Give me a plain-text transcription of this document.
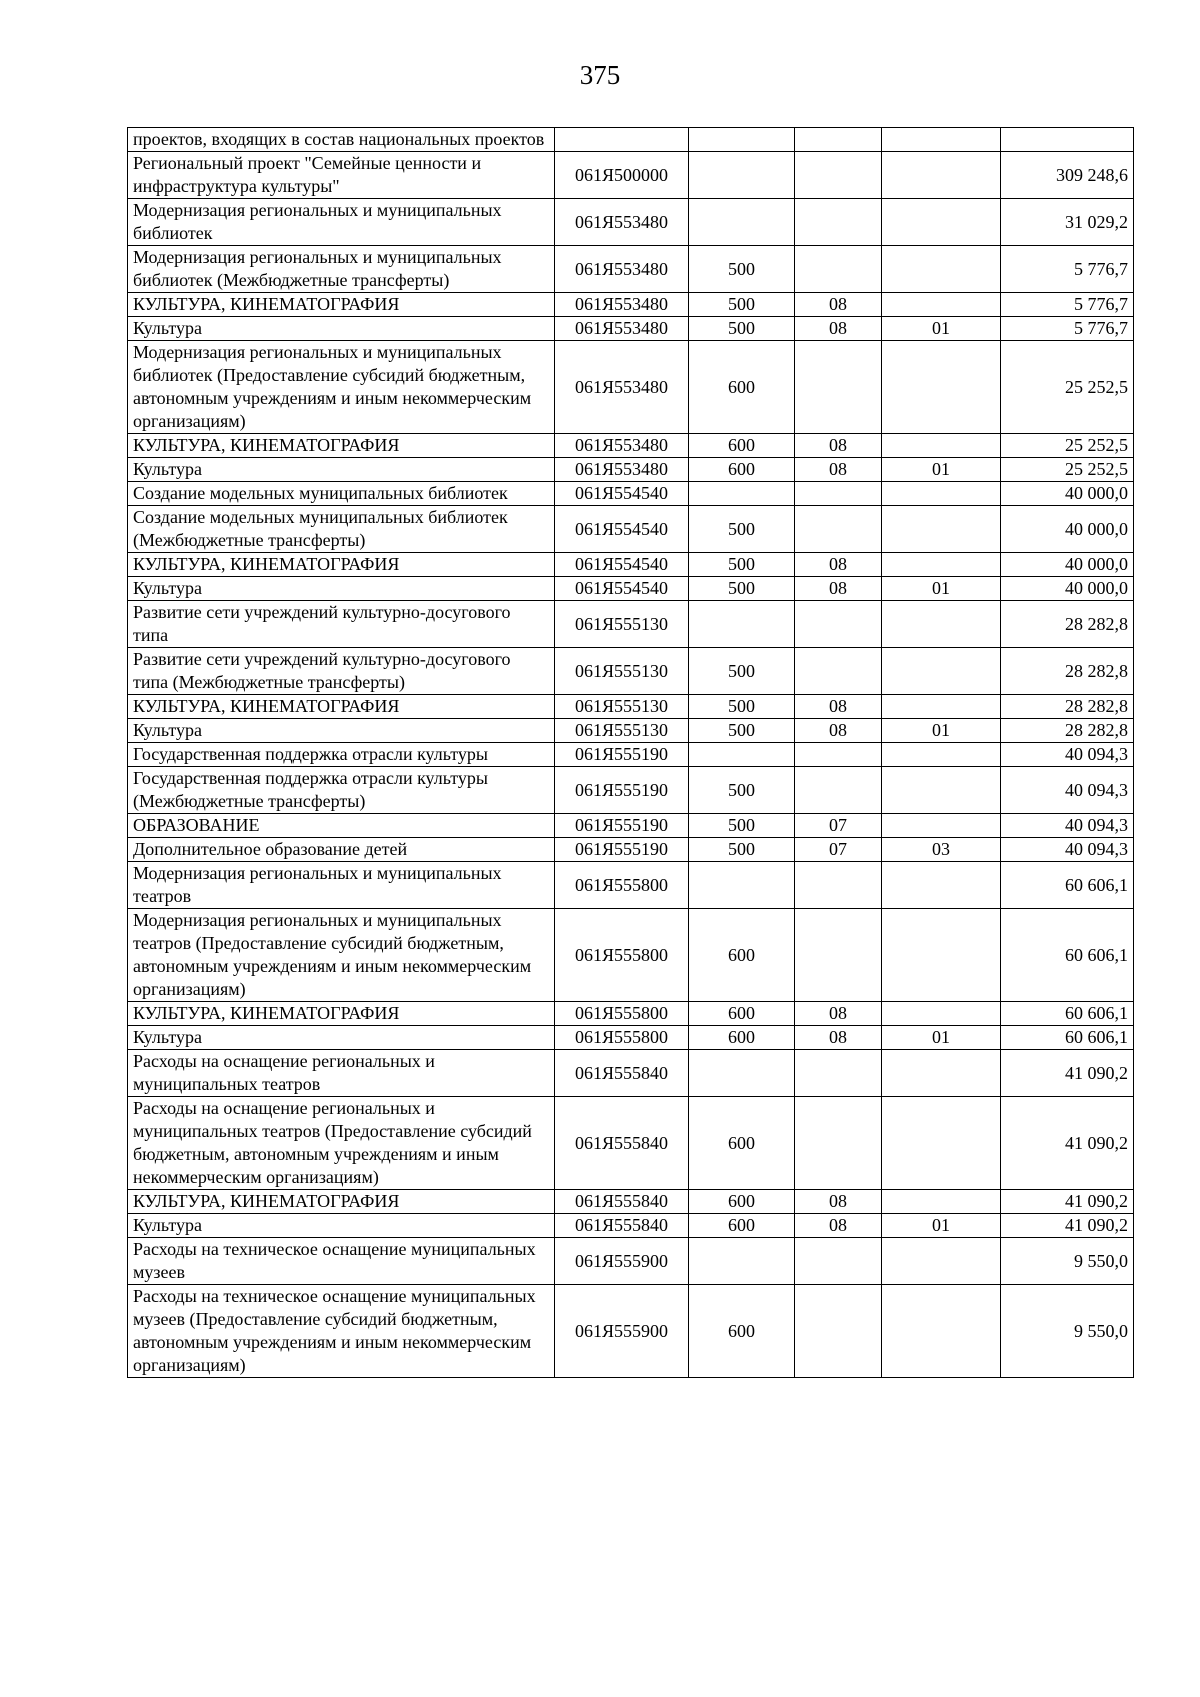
375
проектов, входящих в состав национальных проектов					
Региональный проект "Семейные ценности и инфраструктура культуры"	061Я500000				309 248,6
Модернизация региональных и муниципальных библиотек	061Я553480				31 029,2
Модернизация региональных и муниципальных библиотек (Межбюджетные трансферты)	061Я553480	500			5 776,7
КУЛЬТУРА, КИНЕМАТОГРАФИЯ	061Я553480	500	08		5 776,7
Культура	061Я553480	500	08	01	5 776,7
Модернизация региональных и муниципальных библиотек (Предоставление субсидий бюджетным, автономным учреждениям и иным некоммерческим организациям)	061Я553480	600			25 252,5
КУЛЬТУРА, КИНЕМАТОГРАФИЯ	061Я553480	600	08		25 252,5
Культура	061Я553480	600	08	01	25 252,5
Создание модельных муниципальных библиотек	061Я554540				40 000,0
Создание модельных муниципальных библиотек (Межбюджетные трансферты)	061Я554540	500			40 000,0
КУЛЬТУРА, КИНЕМАТОГРАФИЯ	061Я554540	500	08		40 000,0
Культура	061Я554540	500	08	01	40 000,0
Развитие сети учреждений культурно-досугового типа	061Я555130				28 282,8
Развитие сети учреждений культурно-досугового типа (Межбюджетные трансферты)	061Я555130	500			28 282,8
КУЛЬТУРА, КИНЕМАТОГРАФИЯ	061Я555130	500	08		28 282,8
Культура	061Я555130	500	08	01	28 282,8
Государственная поддержка отрасли культуры	061Я555190				40 094,3
Государственная поддержка отрасли культуры (Межбюджетные трансферты)	061Я555190	500			40 094,3
ОБРАЗОВАНИЕ	061Я555190	500	07		40 094,3
Дополнительное образование детей	061Я555190	500	07	03	40 094,3
Модернизация региональных и муниципальных театров	061Я555800				60 606,1
Модернизация региональных и муниципальных театров (Предоставление субсидий бюджетным, автономным учреждениям и иным некоммерческим организациям)	061Я555800	600			60 606,1
КУЛЬТУРА, КИНЕМАТОГРАФИЯ	061Я555800	600	08		60 606,1
Культура	061Я555800	600	08	01	60 606,1
Расходы на оснащение региональных и муниципальных театров	061Я555840				41 090,2
Расходы на оснащение региональных и муниципальных театров (Предоставление субсидий бюджетным, автономным учреждениям и иным некоммерческим организациям)	061Я555840	600			41 090,2
КУЛЬТУРА, КИНЕМАТОГРАФИЯ	061Я555840	600	08		41 090,2
Культура	061Я555840	600	08	01	41 090,2
Расходы на техническое оснащение муниципальных музеев	061Я555900				9 550,0
Расходы на техническое оснащение муниципальных музеев (Предоставление субсидий бюджетным, автономным учреждениям и иным некоммерческим организациям)	061Я555900	600			9 550,0
